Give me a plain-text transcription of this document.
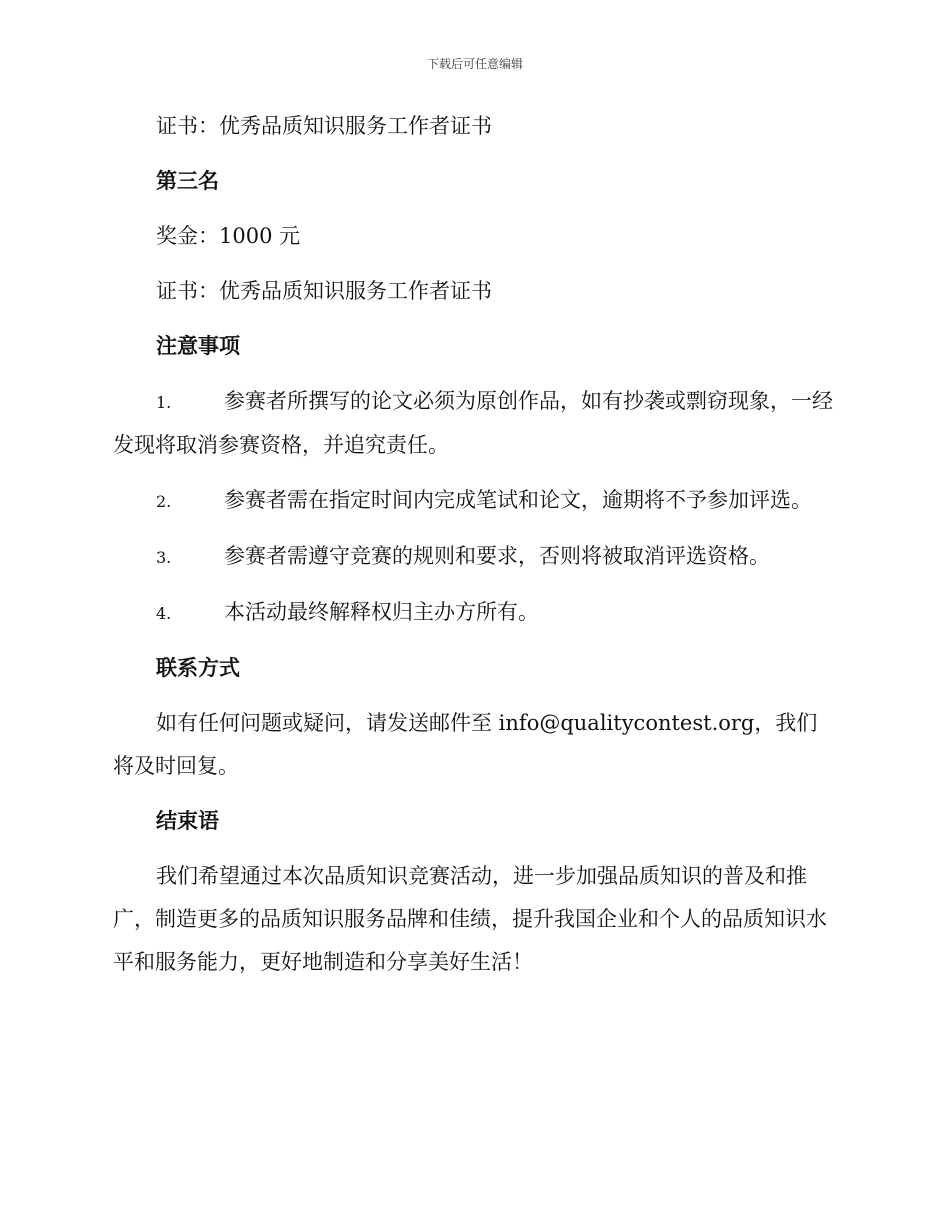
下载后可任意编辑

证书：优秀品质知识服务工作者证书

第三名

奖金：1000 元

证书：优秀品质知识服务工作者证书

注意事项

1.	参赛者所撰写的论文必须为原创作品，如有抄袭或剽窃现象，一经发现将取消参赛资格，并追究责任。

2.	参赛者需在指定时间内完成笔试和论文，逾期将不予参加评选。

3.	参赛者需遵守竞赛的规则和要求，否则将被取消评选资格。

4.	本活动最终解释权归主办方所有。

联系方式

如有任何问题或疑问，请发送邮件至 info@qualitycontest.org，我们将及时回复。

结束语

我们希望通过本次品质知识竞赛活动，进一步加强品质知识的普及和推广，制造更多的品质知识服务品牌和佳绩，提升我国企业和个人的品质知识水平和服务能力，更好地制造和分享美好生活！
